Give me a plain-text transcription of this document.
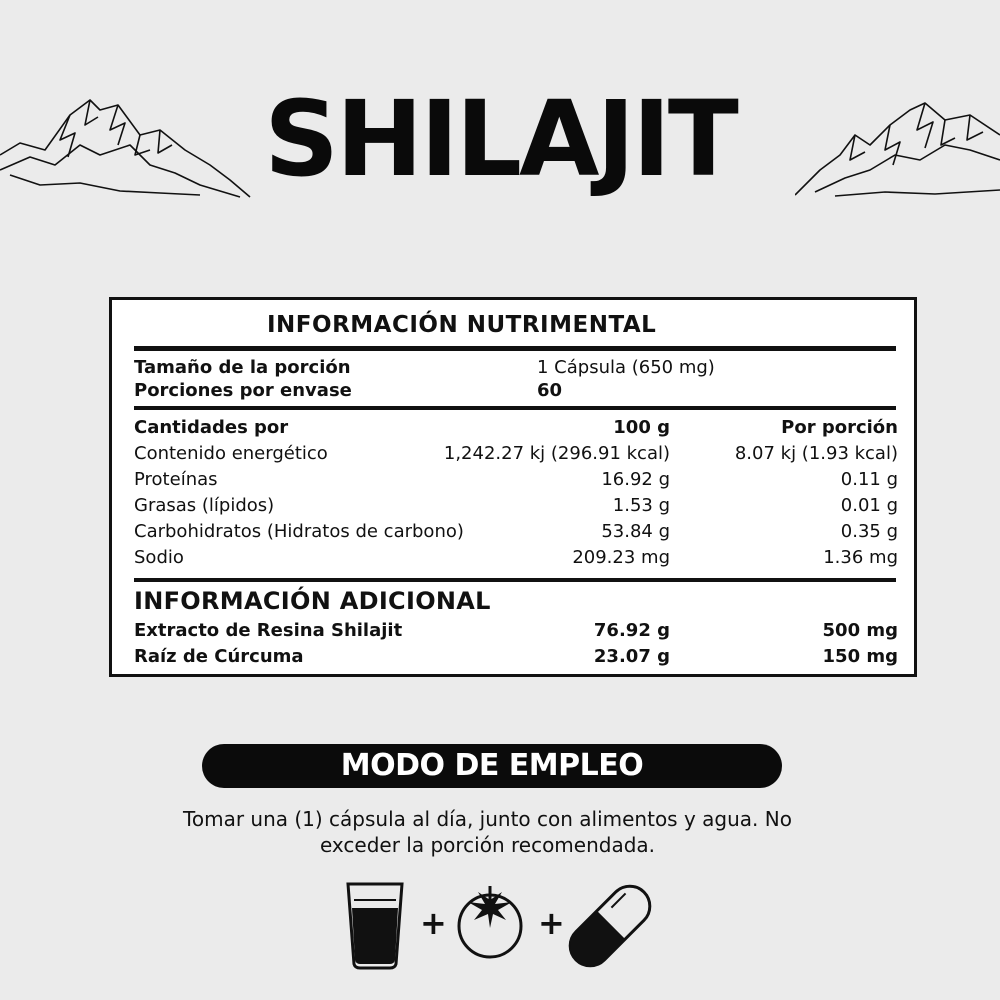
SHILAJIT
INFORMACIÓN NUTRIMENTAL
Tamaño de la porción	1 Cápsula (650 mg)
Porciones por envase	60
Cantidades por	100 g	Por porción
Contenido energético	1,242.27 kj (296.91 kcal)	8.07 kj (1.93 kcal)
Proteínas	16.92 g	0.11 g
Grasas (lípidos)	1.53 g	0.01 g
Carbohidratos (Hidratos de carbono)	53.84 g	0.35 g
Sodio	209.23 mg	1.36 mg
INFORMACIÓN ADICIONAL
Extracto de Resina Shilajit	76.92 g	500 mg
Raíz de Cúrcuma	23.07 g	150 mg
MODO DE EMPLEO
Tomar una (1) cápsula al día, junto con alimentos y agua. No
exceder la porción recomendada.
+	+
